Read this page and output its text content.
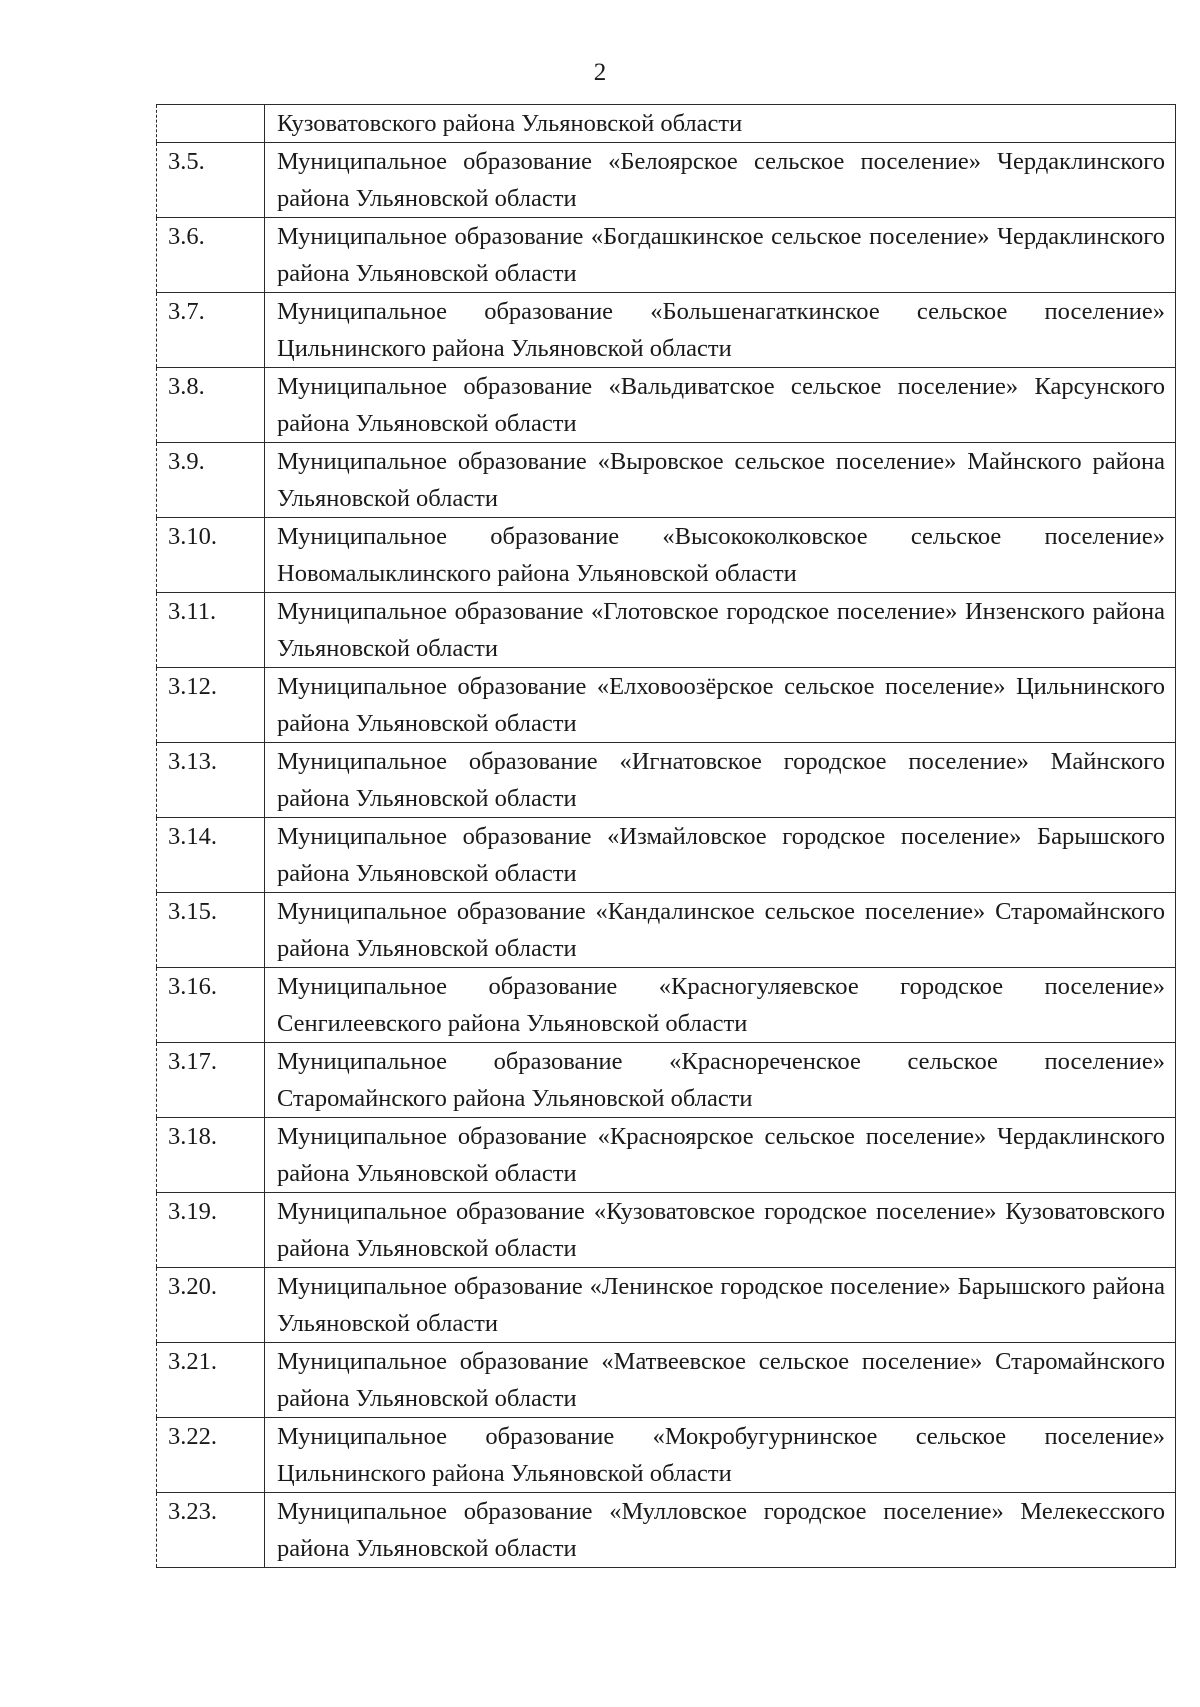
2
	Кузоватовского района Ульяновской области
3.5.	Муниципальное образование «Белоярское сельское поселение» Чердаклинского района Ульяновской области
3.6.	Муниципальное образование «Богдашкинское сельское поселение» Чердаклинского района Ульяновской области
3.7.	Муниципальное образование «Большенагаткинское сельское поселение» Цильнинского района Ульяновской области
3.8.	Муниципальное образование «Вальдиватское сельское поселение» Карсунского района Ульяновской области
3.9.	Муниципальное образование «Выровское сельское поселение» Майнского района Ульяновской области
3.10.	Муниципальное образование «Высококолковское сельское поселение» Новомалыклинского района Ульяновской области
3.11.	Муниципальное образование «Глотовское городское поселение» Инзенского района Ульяновской области
3.12.	Муниципальное образование «Елховоозёрское сельское поселение» Цильнинского района Ульяновской области
3.13.	Муниципальное образование «Игнатовское городское поселение» Майнского района Ульяновской области
3.14.	Муниципальное образование «Измайловское городское поселение» Барышского района Ульяновской области
3.15.	Муниципальное образование «Кандалинское сельское поселение» Старомайнского района Ульяновской области
3.16.	Муниципальное образование «Красногуляевское городское поселение» Сенгилеевского района Ульяновской области
3.17.	Муниципальное образование «Краснореченское сельское поселение» Старомайнского района Ульяновской области
3.18.	Муниципальное образование «Красноярское сельское поселение» Чердаклинского района Ульяновской области
3.19.	Муниципальное образование «Кузоватовское городское поселение» Кузоватовского района Ульяновской области
3.20.	Муниципальное образование «Ленинское городское поселение» Барышского района Ульяновской области
3.21.	Муниципальное образование «Матвеевское сельское поселение» Старомайнского района Ульяновской области
3.22.	Муниципальное образование «Мокробугурнинское сельское поселение» Цильнинского района Ульяновской области
3.23.	Муниципальное образование «Мулловское городское поселение» Мелекесского района Ульяновской области
